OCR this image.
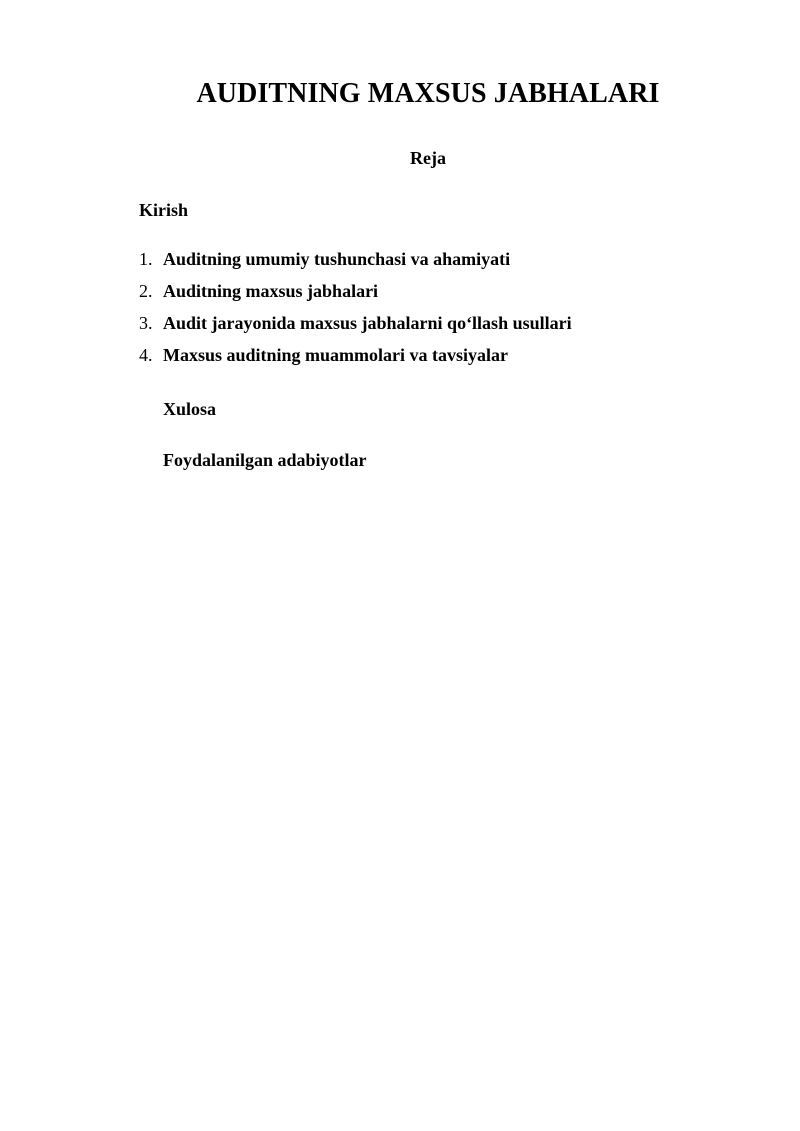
AUDITNING MAXSUS JABHALARI
Reja

Kirish

1. Auditning umumiy tushunchasi va ahamiyati
2. Auditning maxsus jabhalari
3. Audit jarayonida maxsus jabhalarni qo‘llash usullari
4. Maxsus auditning muammolari va tavsiyalar

Xulosa

Foydalanilgan adabiyotlar
